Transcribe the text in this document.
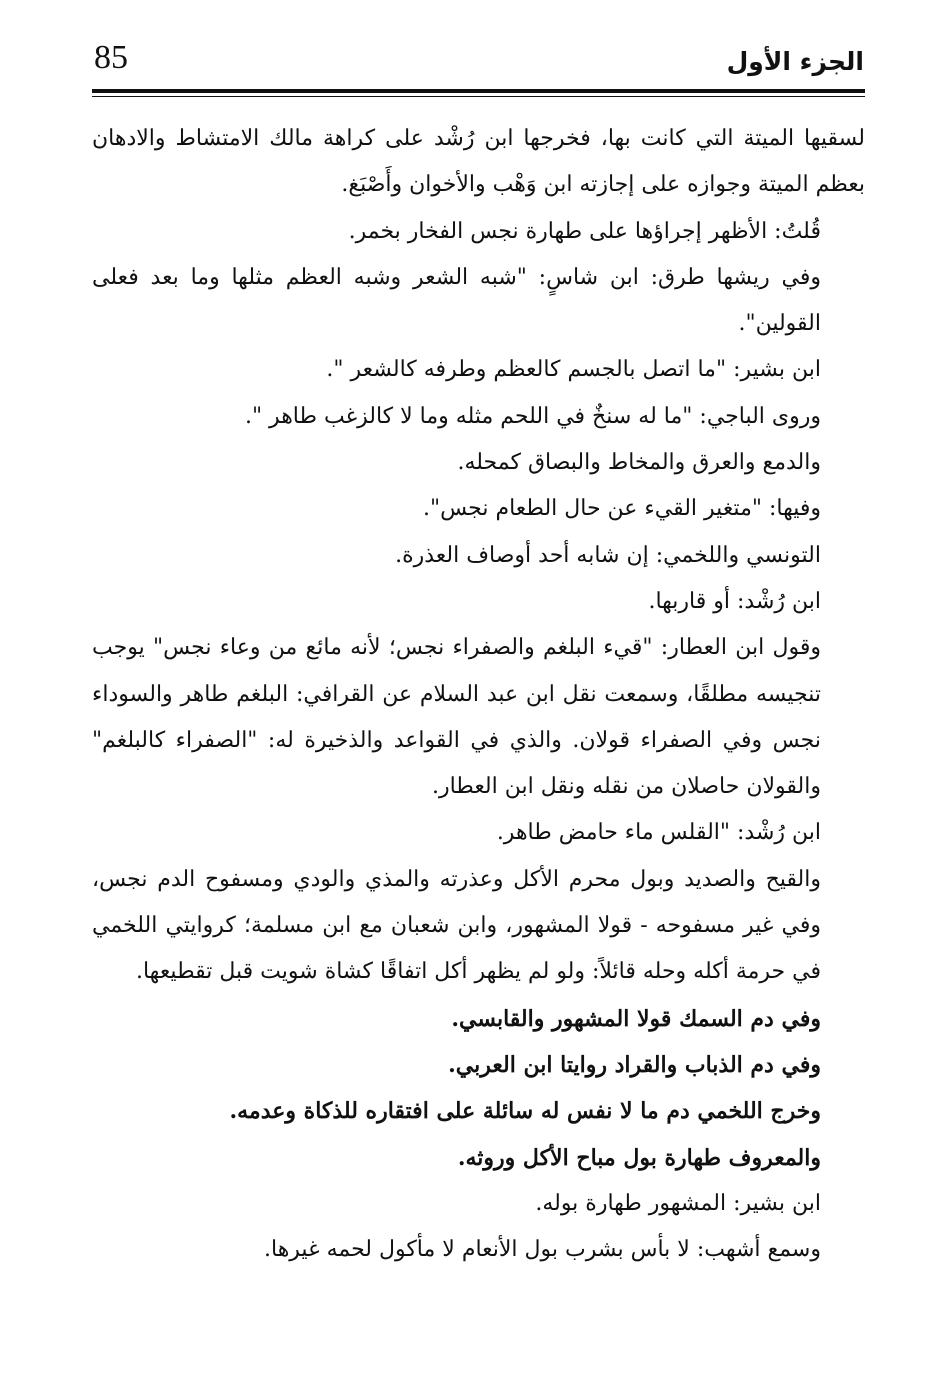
85	الجزء الأول

لسقيها الميتة التي كانت بها، فخرجها ابن رُشْد على كراهة مالك الامتشاط والادهان بعظم الميتة وجوازه على إجازته ابن وَهْب والأخوان وأَصْبَغ.

قُلتُ: الأظهر إجراؤها على طهارة نجس الفخار بخمر.

وفي ريشها طرق: ابن شاسٍ: "شبه الشعر وشبه العظم مثلها وما بعد فعلى القولين".

ابن بشير: "ما اتصل بالجسم كالعظم وطرفه كالشعر ".

وروى الباجي: "ما له سنخٌ في اللحم مثله وما لا كالزغب طاهر ".

والدمع والعرق والمخاط والبصاق كمحله.

وفيها: "متغير القيء عن حال الطعام نجس".

التونسي واللخمي: إن شابه أحد أوصاف العذرة.

ابن رُشْد: أو قاربها.

وقول ابن العطار: "قيء البلغم والصفراء نجس؛ لأنه مائع من وعاء نجس" يوجب تنجيسه مطلقًا، وسمعت نقل ابن عبد السلام عن القرافي: البلغم طاهر والسوداء نجس وفي الصفراء قولان. والذي في القواعد والذخيرة له: "الصفراء كالبلغم" والقولان حاصلان من نقله ونقل ابن العطار.

ابن رُشْد: "القلس ماء حامض طاهر.

والقيح والصديد وبول محرم الأكل وعذرته والمذي والودي ومسفوح الدم نجس، وفي غير مسفوحه - قولا المشهور، وابن شعبان مع ابن مسلمة؛ كروايتي اللخمي في حرمة أكله وحله قائلاً: ولو لم يظهر أكل اتفاقًا كشاة شويت قبل تقطيعها.

وفي دم السمك قولا المشهور والقابسي.

وفي دم الذباب والقراد روايتا ابن العربي.

وخرج اللخمي دم ما لا نفس له سائلة على افتقاره للذكاة وعدمه.

والمعروف طهارة بول مباح الأكل وروثه.

ابن بشير: المشهور طهارة بوله.

وسمع أشهب: لا بأس بشرب بول الأنعام لا مأكول لحمه غيرها.
